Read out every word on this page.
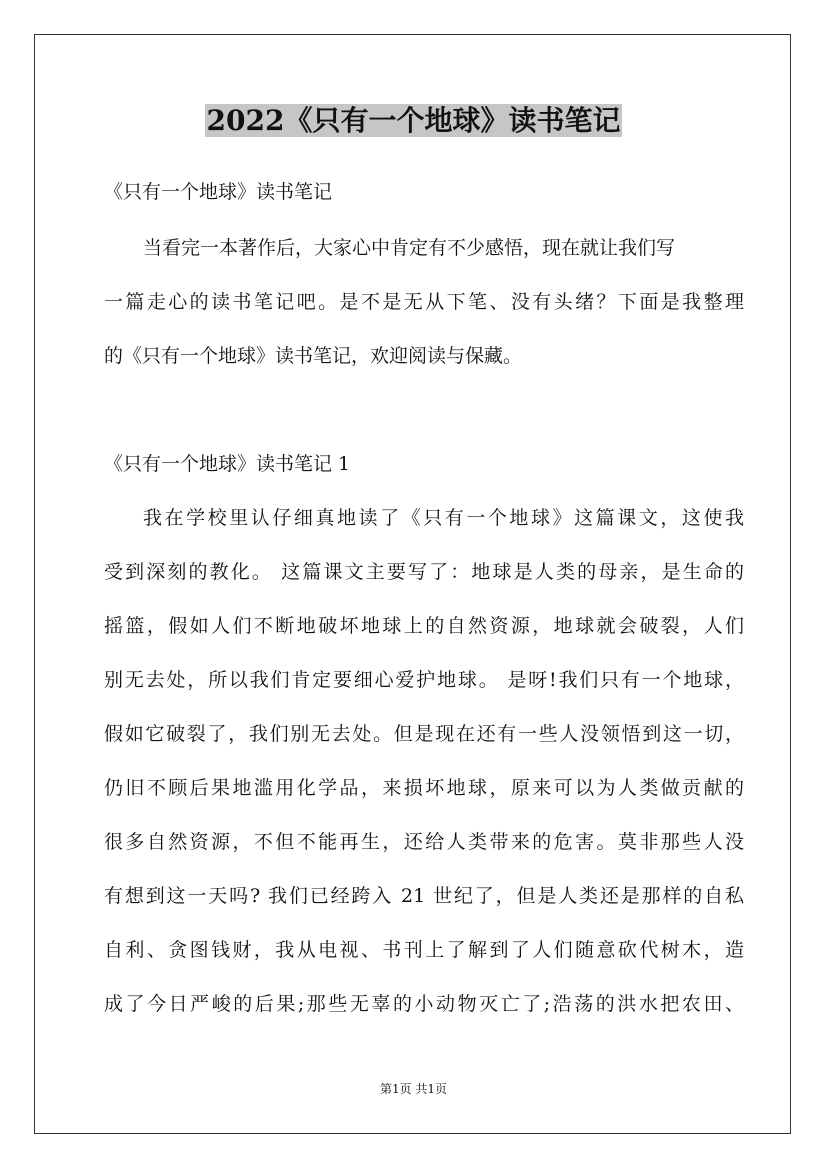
2022《只有一个地球》读书笔记

《只有一个地球》读书笔记

当看完一本著作后，大家心中肯定有不少感悟，现在就让我们写

一篇走心的读书笔记吧。是不是无从下笔、没有头绪？下面是我整理

的《只有一个地球》读书笔记，欢迎阅读与保藏。

《只有一个地球》读书笔记 1

我在学校里认仔细真地读了《只有一个地球》这篇课文，这使我

受到深刻的教化。 这篇课文主要写了：地球是人类的母亲，是生命的

摇篮，假如人们不断地破坏地球上的自然资源，地球就会破裂，人们

别无去处，所以我们肯定要细心爱护地球。 是呀!我们只有一个地球，

假如它破裂了，我们别无去处。但是现在还有一些人没领悟到这一切，

仍旧不顾后果地滥用化学品，来损坏地球，原来可以为人类做贡献的

很多自然资源，不但不能再生，还给人类带来的危害。莫非那些人没

有想到这一天吗? 我们已经跨入 21 世纪了，但是人类还是那样的自私

自利、贪图钱财，我从电视、书刊上了解到了人们随意砍代树木，造

成了今日严峻的后果;那些无辜的小动物灭亡了;浩荡的洪水把农田、

第1页 共1页
